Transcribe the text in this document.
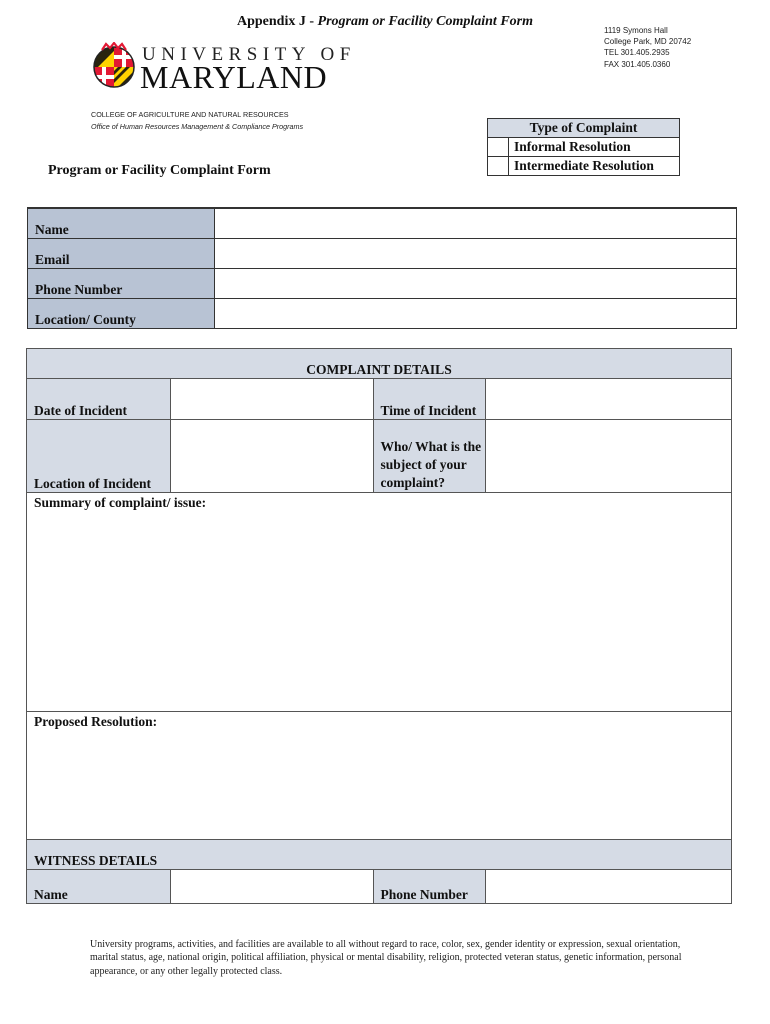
Appendix J - Program or Facility Complaint Form
UNIVERSITY OF
MARYLAND
1119 Symons Hall
College Park, MD 20742
TEL 301.405.2935
FAX 301.405.0360
COLLEGE OF AGRICULTURE AND NATURAL RESOURCES
Office of Human Resources Management & Compliance Programs
Program or Facility Complaint Form
Type of Complaint
Informal Resolution
Intermediate Resolution
Name	
Email	
Phone Number	
Location/ County	
COMPLAINT DETAILS			
Date of Incident		Time of Incident	
Location of Incident		Who/ What is the subject of your complaint?	
Summary of complaint/ issue:			
Proposed Resolution:			
WITNESS DETAILS			
Name		Phone Number	
University programs, activities, and facilities are available to all without regard to race, color, sex, gender identity or expression, sexual orientation, marital status, age, national origin, political affiliation, physical or mental disability, religion, protected veteran status, genetic information, personal appearance, or any other legally protected class.
